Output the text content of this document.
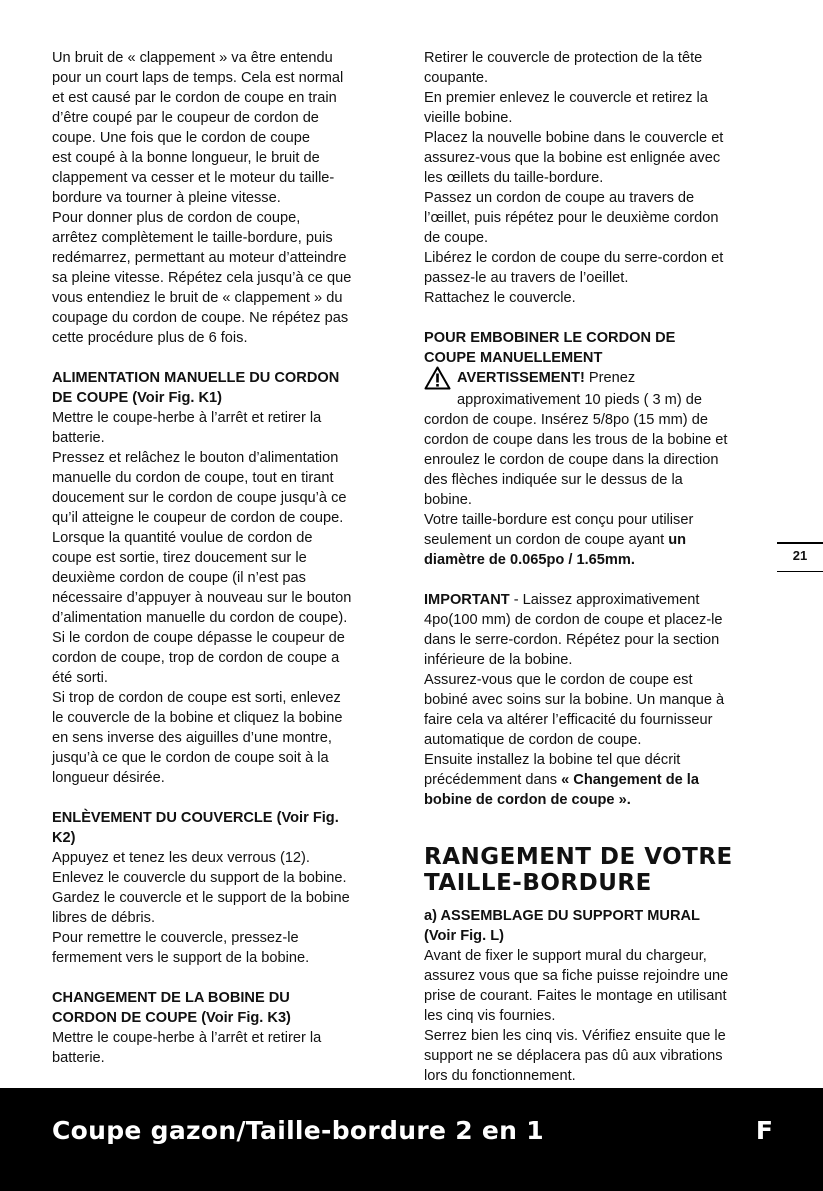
Un bruit de « clappement » va être entendu

pour un court laps de temps. Cela est normal

et est causé par le cordon de coupe en train

d’être coupé par le coupeur de cordon de

coupe. Une fois que le cordon de coupe

est coupé à la bonne longueur, le bruit de

clappement va cesser et le moteur du taille-

bordure va tourner à pleine vitesse.

Pour donner plus de cordon de coupe,

arrêtez complètement le taille-bordure, puis

redémarrez, permettant au moteur d’atteindre

sa pleine vitesse. Répétez cela jusqu’à ce que

vous entendiez le bruit de « clappement » du

coupage du cordon de coupe. Ne répétez pas

cette procédure plus de 6 fois.

ALIMENTATION MANUELLE DU CORDON

DE COUPE (Voir Fig. K1)

Mettre le coupe-herbe à l’arrêt et retirer la

batterie.

Pressez et relâchez le bouton d’alimentation

manuelle du cordon de coupe, tout en tirant

doucement sur le cordon de coupe jusqu’à ce

qu’il atteigne le coupeur de cordon de coupe.

Lorsque la quantité voulue de cordon de

coupe est sortie, tirez doucement sur le

deuxième cordon de coupe (il n’est pas

nécessaire d’appuyer à nouveau sur le bouton

d’alimentation manuelle du cordon de coupe).

Si le cordon de coupe dépasse le coupeur de

cordon de coupe, trop de cordon de coupe a

été sorti.

Si trop de cordon de coupe est sorti, enlevez

le couvercle de la bobine et cliquez la bobine

en sens inverse des aiguilles d’une montre,

jusqu’à ce que le cordon de coupe soit à la

longueur désirée.

ENLÈVEMENT DU COUVERCLE (Voir Fig.

K2)

Appuyez et tenez les deux verrous (12).

Enlevez le couvercle du support de la bobine.

Gardez le couvercle et le support de la bobine

libres de débris.

Pour remettre le couvercle, pressez-le

fermement vers le support de la bobine.

CHANGEMENT DE LA BOBINE DU

CORDON DE COUPE (Voir Fig. K3)

Mettre le coupe-herbe à l’arrêt et retirer la

batterie.

Retirer le couvercle de protection de la tête

coupante.

En premier enlevez le couvercle et retirez la

vieille bobine.

Placez la nouvelle bobine dans le couvercle et

assurez-vous que la bobine est enlignée avec

les œillets du taille-bordure.

Passez un cordon de coupe au travers de

l’œillet, puis répétez pour le deuxième cordon

de coupe.

Libérez le cordon de coupe du serre-cordon et

passez-le au travers de l’oeillet.

Rattachez le couvercle.

POUR EMBOBINER LE CORDON DE

COUPE MANUELLEMENT

AVERTISSEMENT! Prenez

approximativement 10 pieds ( 3 m) de

cordon de coupe. Insérez 5/8po (15 mm) de

cordon de coupe dans les trous de la bobine et

enroulez le cordon de coupe dans la direction

des flèches indiquée sur le dessus de la

bobine.

Votre taille-bordure est conçu pour utiliser

seulement un cordon de coupe ayant un

diamètre de 0.065po / 1.65mm.

IMPORTANT - Laissez approximativement

4po(100 mm) de cordon de coupe et placez-le

dans le serre-cordon. Répétez pour la section

inférieure de la bobine.

Assurez-vous que le cordon de coupe est

bobiné avec soins sur la bobine. Un manque à

faire cela va altérer l’efficacité du fournisseur

automatique de cordon de coupe.

Ensuite installez la bobine tel que décrit

précédemment dans « Changement de la

bobine de cordon de coupe ».

RANGEMENT DE VOTRE

TAILLE-BORDURE

a) ASSEMBLAGE DU SUPPORT MURAL

(Voir Fig. L)

Avant de fixer le support mural du chargeur,

assurez vous que sa fiche puisse rejoindre une

prise de courant. Faites le montage en utilisant

les cinq vis fournies.

Serrez bien les cinq vis. Vérifiez ensuite que le

support ne se déplacera pas dû aux vibrations

lors du fonctionnement.

21
Coupe gazon/Taille-bordure 2 en 1	F
